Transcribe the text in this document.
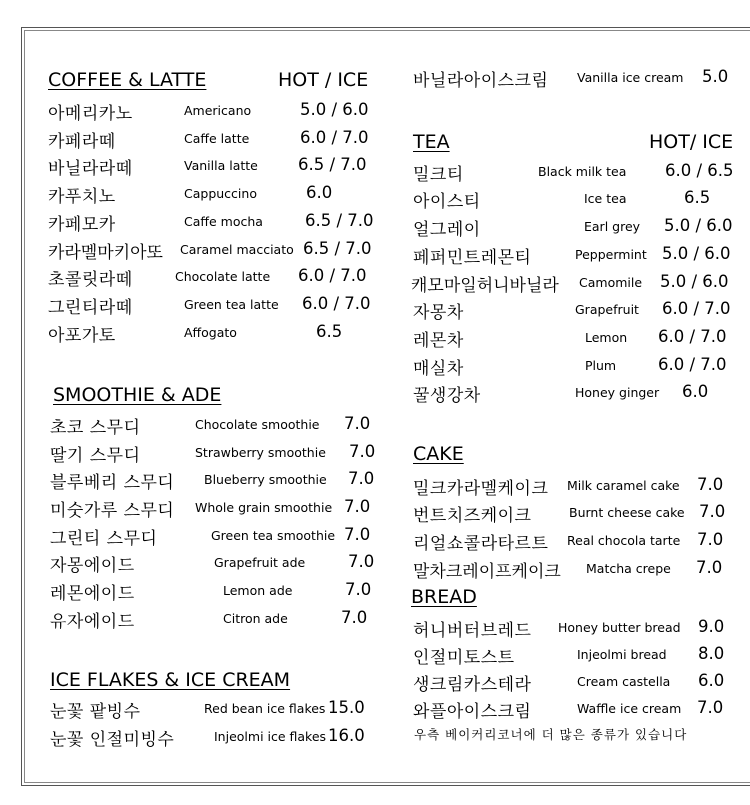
COFFEE & LATTE	HOT / ICE
아메리카노	Americano	5.0 / 6.0
카페라떼	Caffe latte	6.0 / 7.0
바닐라라떼	Vanilla latte 6.5 / 7.0
카푸치노	Cappuccino	6.0
카페모카	Caffe mocha	6.5 / 7.0
카라멜마키아또 Caramel macciato 6.5 / 7.0
초콜릿라떼	Chocolate latte 6.0 / 7.0
그린티라떼	Green tea latte 6.0 / 7.0
아포가토	Affogato	6.5
SMOOTHIE & ADE
초코 스무디	Chocolate smoothie 7.0
딸기 스무디	Strawberry smoothie 7.0
블루베리 스무디 Blueberry smoothie 7.0
미숫가루 스무디 Whole grain smoothie 7.0
그린티 스무디	Green tea smoothie 7.0
자몽에이드	Grapefruit ade	7.0
레몬에이드	Lemon ade	7.0
유자에이드	Citron ade	7.0
ICE FLAKES & ICE CREAM
눈꽃 팥빙수	Red bean ice flakes 15.0
눈꽃 인절미빙수	Injeolmi ice flakes 16.0
바닐라아이스크림 Vanilla ice cream 5.0
TEA	HOT/ ICE
밀크티	Black milk tea 6.0 / 6.5
아이스티	Ice tea	6.5
얼그레이	Earl grey 5.0 / 6.0
페퍼민트레몬티	Peppermint 5.0 / 6.0
캐모마일허니바닐라 Camomile 5.0 / 6.0
자몽차	Grapefruit 6.0 / 7.0
레몬차	Lemon 6.0 / 7.0
매실차	Plum	6.0 / 7.0
꿀생강차	Honey ginger 6.0
CAKE
밀크카라멜케이크 Milk caramel cake 7.0
번트치즈케이크	Burnt cheese cake 7.0
리얼쇼콜라타르트 Real chocola tarte 7.0
말차크레이프케이크 Matcha crepe 7.0
BREAD
허니버터브레드 Honey butter bread 9.0
인절미토스트	Injeolmi bread 8.0
생크림카스테라	Cream castella 6.0
와플아이스크림	Waffle ice cream 7.0
우측 베이커리코너에 더 많은 종류가 있습니다
